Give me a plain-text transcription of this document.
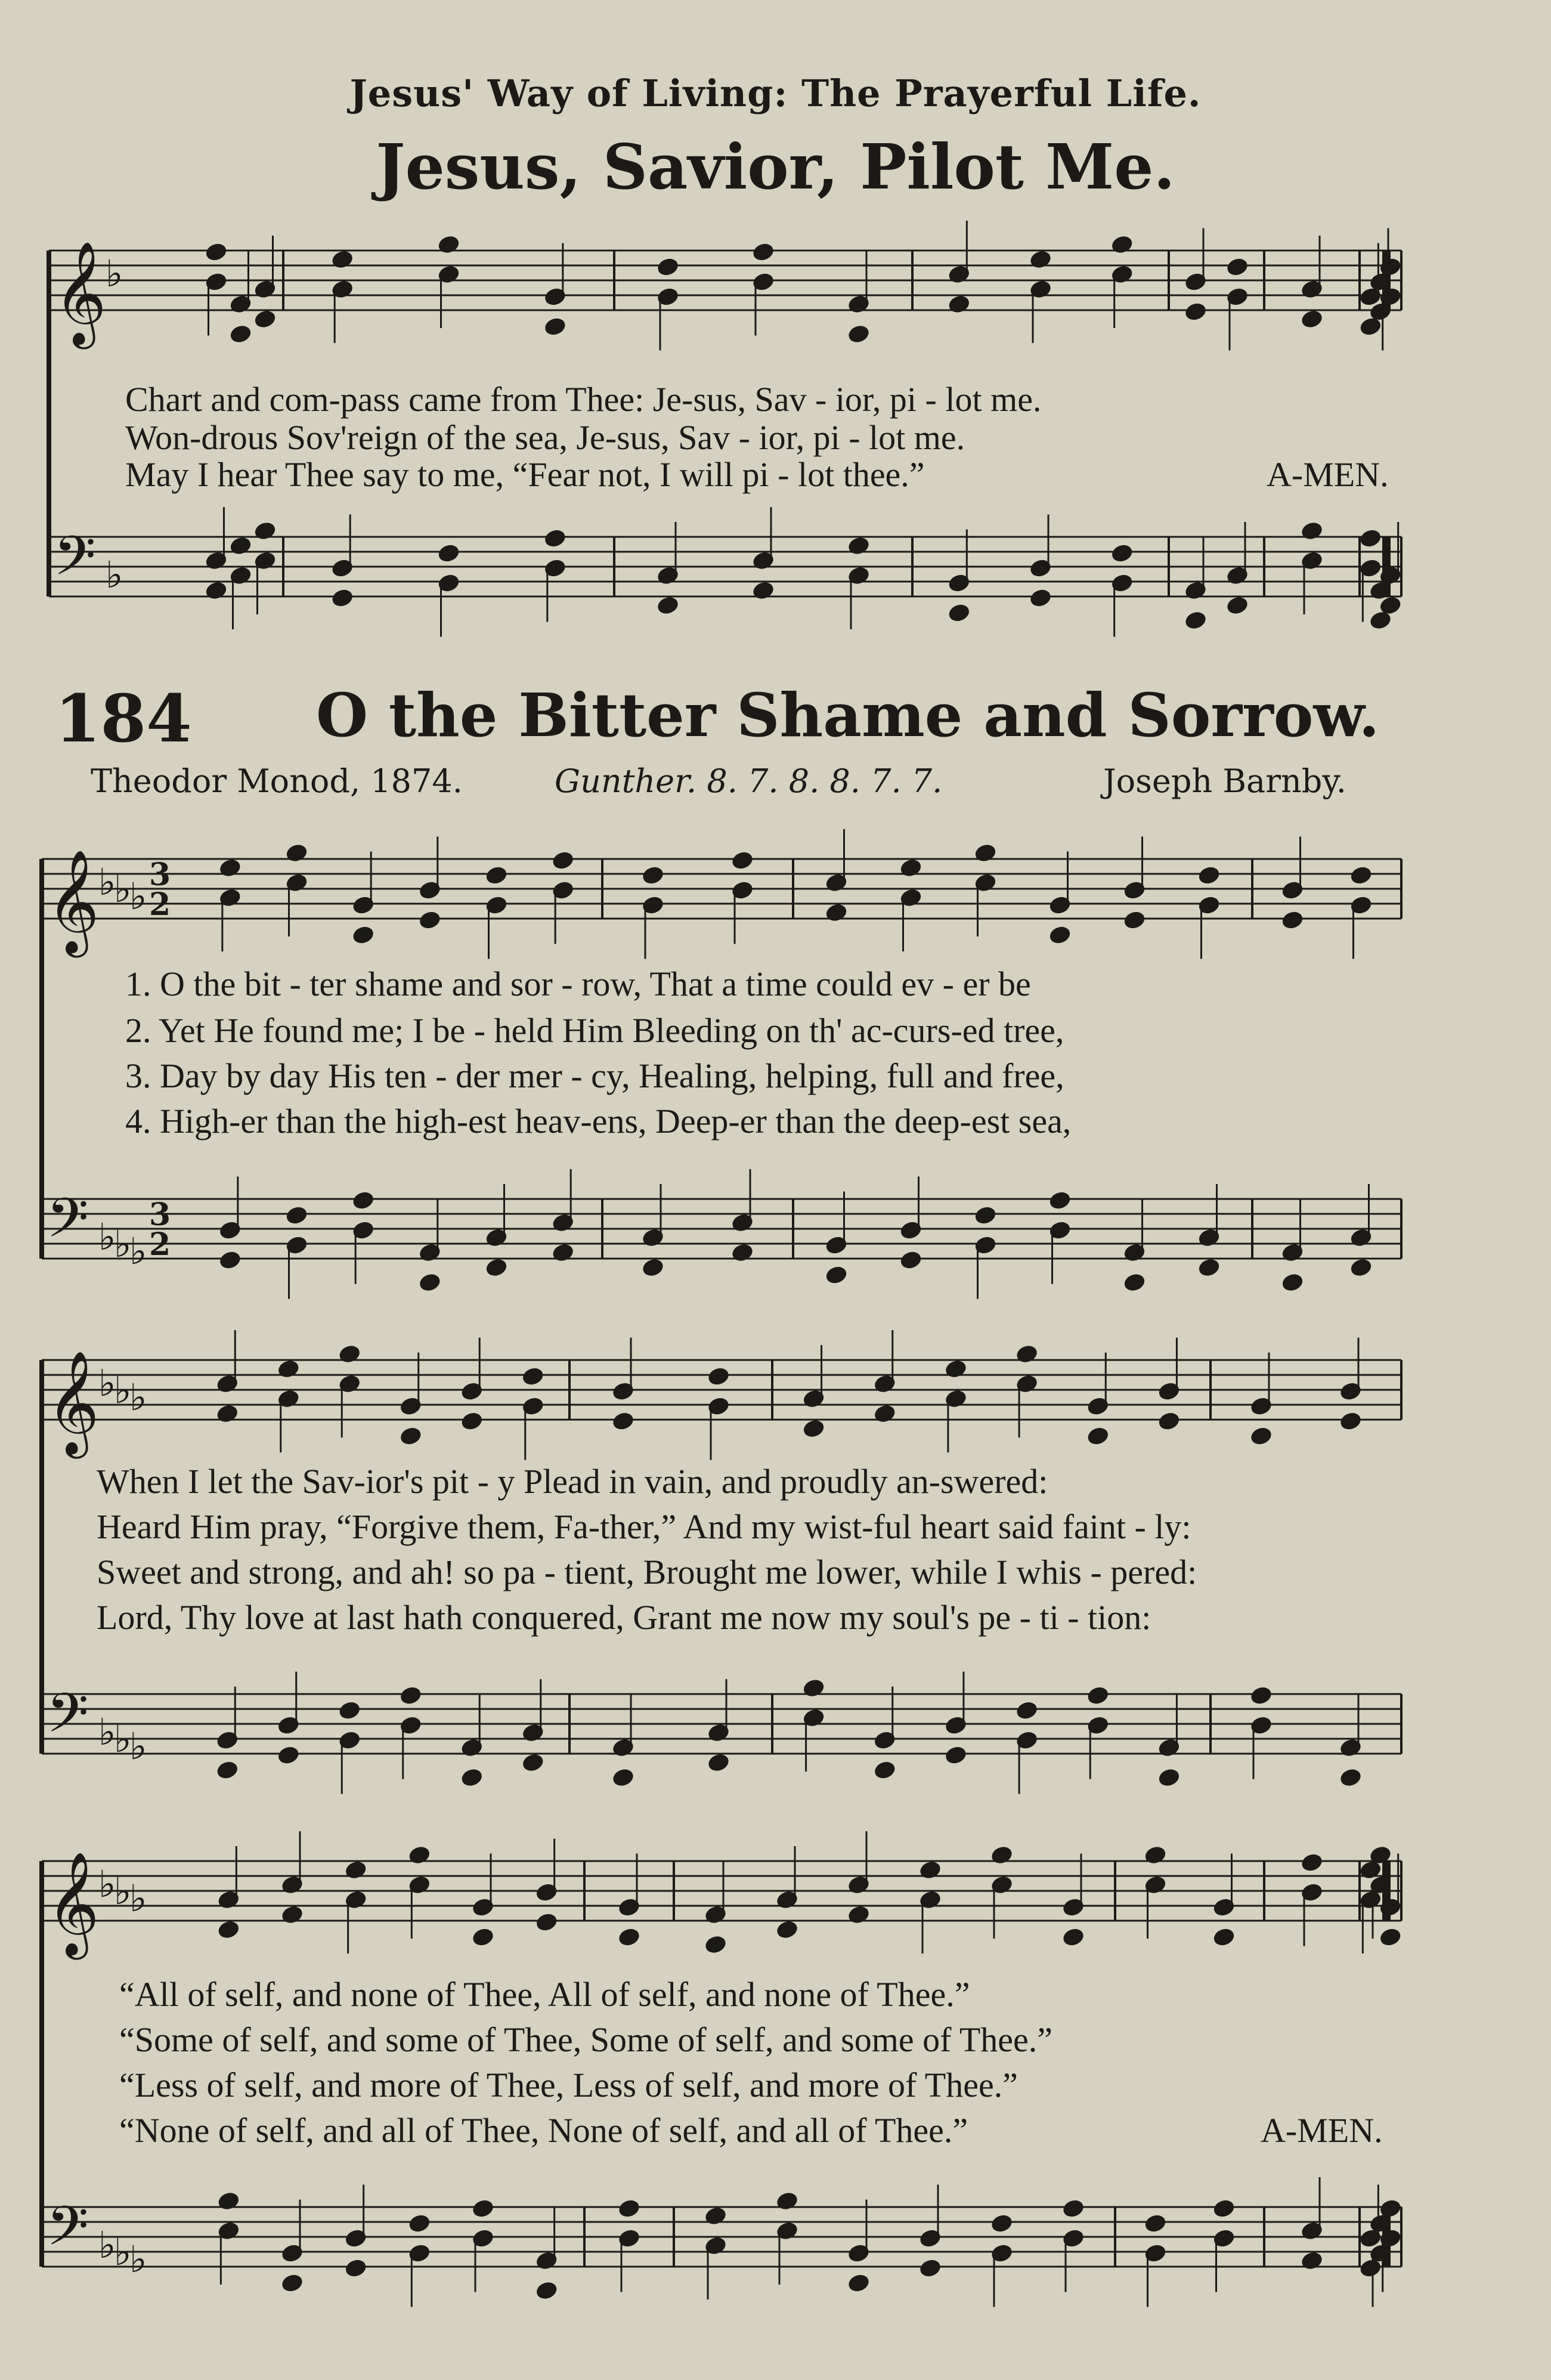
Jesus' Way of Living: The Prayerful Life.
Jesus, Savior, Pilot Me.
Chart and com-pass came from Thee: Je-sus, Sav - ior, pi - lot me.
Won-drous Sov'reign of the sea, Je-sus, Sav - ior, pi - lot me.
May I hear Thee say to me, “Fear not, I will pi - lot thee.”	A-MEN.
184 O the Bitter Shame and Sorrow.
Theodor Monod, 1874.	Gunther. 8. 7. 8. 8. 7. 7.	Joseph Barnby.
1. O the bit - ter shame and sor - row, That a time could ev - er be
2. Yet He found me; I be - held Him Bleeding on th' ac-curs-ed tree,
3. Day by day His ten - der mer - cy, Healing, helping, full and free,
4. High-er than the high-est heav-ens, Deep-er than the deep-est sea,
When I let the Sav-ior's pit - y Plead in vain, and proudly an-swered:
Heard Him pray, “Forgive them, Fa-ther,” And my wist-ful heart said faint - ly:
Sweet and strong, and ah! so pa - tient, Brought me lower, while I whis - pered:
Lord, Thy love at last hath conquered, Grant me now my soul's pe - ti - tion:
“All of self, and none of Thee, All of self, and none of Thee.”
“Some of self, and some of Thee, Some of self, and some of Thee.”
“Less of self, and more of Thee, Less of self, and more of Thee.”
“None of self, and all of Thee, None of self, and all of Thee.”	A-MEN.
𝄞
♭
𝄢 ♭
𝄞
♭
♭
♭
𝄢 ♭
♭
♭
3
3
2
2
𝄞
♭
♭
♭
𝄢 ♭
♭
♭
𝄞
♭
♭
♭
𝄢 ♭
♭
♭
